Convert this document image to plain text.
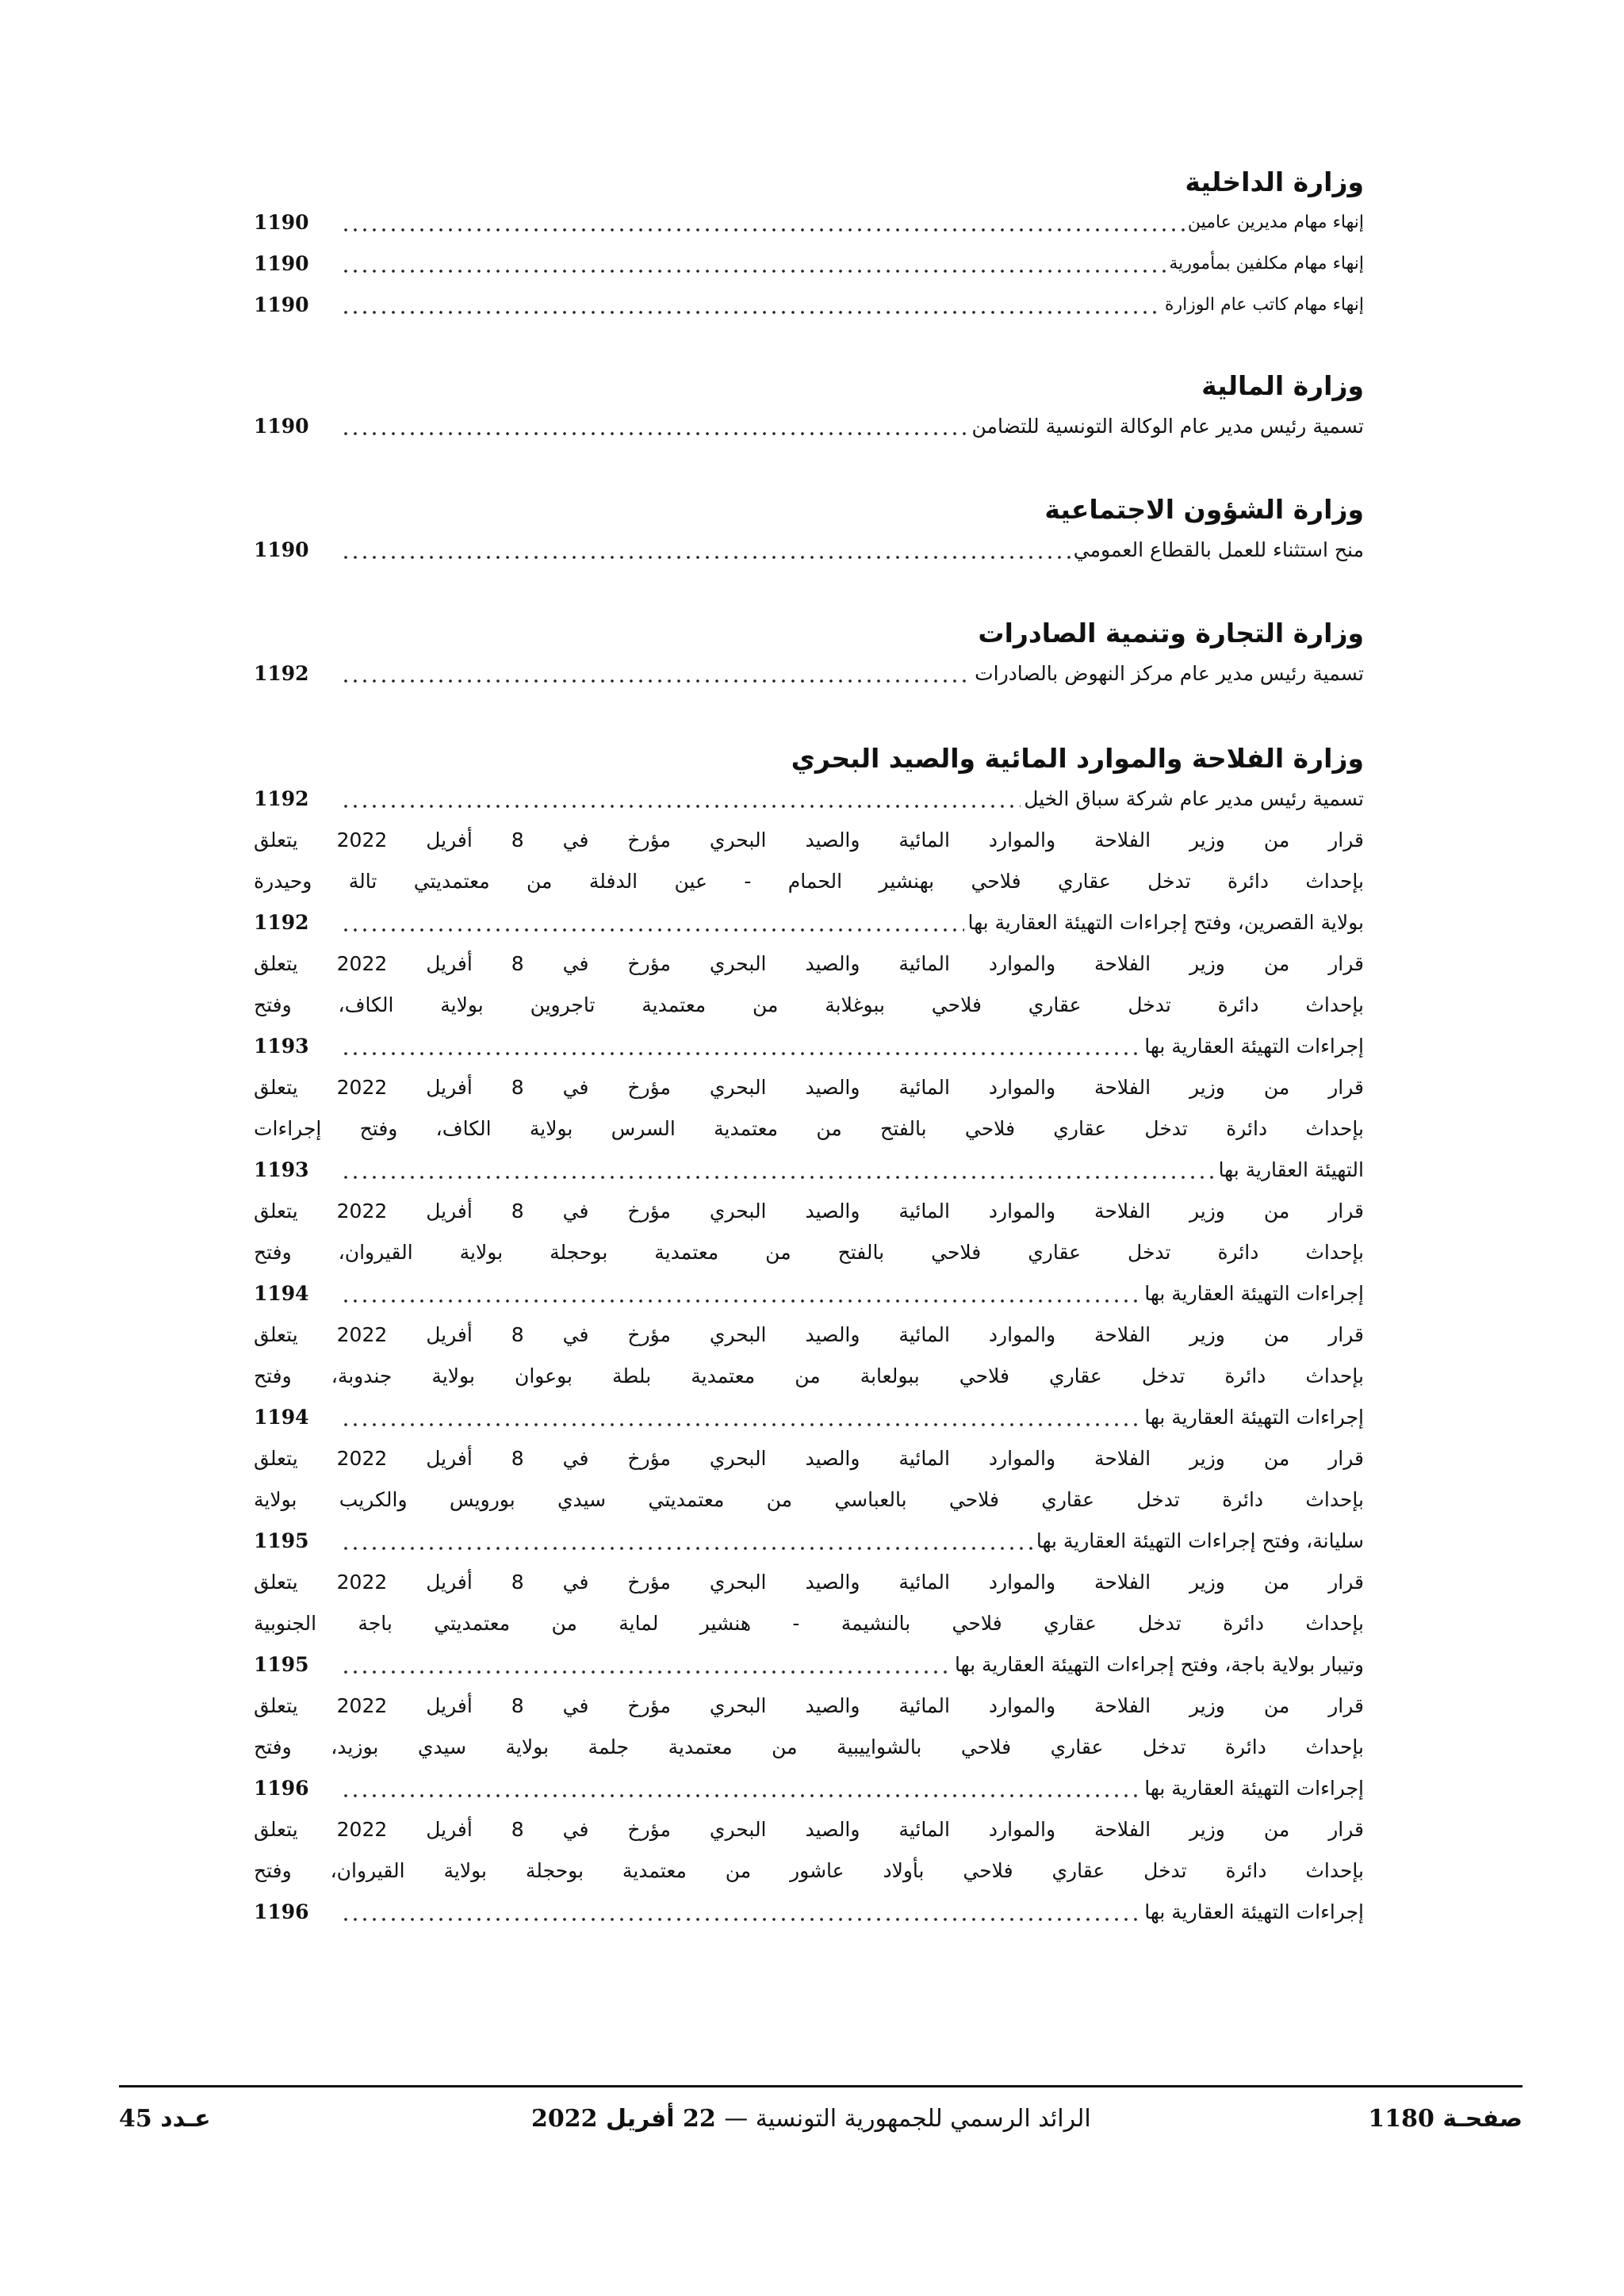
وزارة الداخلية
إنهاء مهام مديرين عامين
1190
إنهاء مهام مكلفين بمأمورية
1190
إنهاء مهام كاتب عام الوزارة
1190
وزارة المالية
تسمية رئيس مدير عام الوكالة التونسية للتضامن
1190
وزارة الشؤون الاجتماعية
منح استثناء للعمل بالقطاع العمومي
1190
وزارة التجارة وتنمية الصادرات
تسمية رئيس مدير عام مركز النهوض بالصادرات
1192
وزارة الفلاحة والموارد المائية والصيد البحري
تسمية رئيس مدير عام شركة سباق الخيل
1192
قرار من وزير الفلاحة والموارد المائية والصيد البحري مؤرخ في 8 أفريل 2022 يتعلق
بإحداث دائرة تدخل عقاري فلاحي بهنشير الحمام - عين الدفلة من معتمديتي تالة وحيدرة
بولاية القصرين، وفتح إجراءات التهيئة العقارية بها
1192
قرار من وزير الفلاحة والموارد المائية والصيد البحري مؤرخ في 8 أفريل 2022 يتعلق
بإحداث دائرة تدخل عقاري فلاحي ببوغلابة من معتمدية تاجروين بولاية الكاف، وفتح
إجراءات التهيئة العقارية بها
1193
قرار من وزير الفلاحة والموارد المائية والصيد البحري مؤرخ في 8 أفريل 2022 يتعلق
بإحداث دائرة تدخل عقاري فلاحي بالفتح من معتمدية السرس بولاية الكاف، وفتح إجراءات
التهيئة العقارية بها
1193
قرار من وزير الفلاحة والموارد المائية والصيد البحري مؤرخ في 8 أفريل 2022 يتعلق
بإحداث دائرة تدخل عقاري فلاحي بالفتح من معتمدية بوحجلة بولاية القيروان، وفتح
إجراءات التهيئة العقارية بها
1194
قرار من وزير الفلاحة والموارد المائية والصيد البحري مؤرخ في 8 أفريل 2022 يتعلق
بإحداث دائرة تدخل عقاري فلاحي ببولعابة من معتمدية بلطة بوعوان بولاية جندوبة، وفتح
إجراءات التهيئة العقارية بها
1194
قرار من وزير الفلاحة والموارد المائية والصيد البحري مؤرخ في 8 أفريل 2022 يتعلق
بإحداث دائرة تدخل عقاري فلاحي بالعباسي من معتمديتي سيدي بورويس والكريب بولاية
سليانة، وفتح إجراءات التهيئة العقارية بها
1195
قرار من وزير الفلاحة والموارد المائية والصيد البحري مؤرخ في 8 أفريل 2022 يتعلق
بإحداث دائرة تدخل عقاري فلاحي بالنشيمة - هنشير لماية من معتمديتي باجة الجنوبية
وتيبار بولاية باجة، وفتح إجراءات التهيئة العقارية بها
1195
قرار من وزير الفلاحة والموارد المائية والصيد البحري مؤرخ في 8 أفريل 2022 يتعلق
بإحداث دائرة تدخل عقاري فلاحي بالشواييبية من معتمدية جلمة بولاية سيدي بوزيد، وفتح
إجراءات التهيئة العقارية بها
1196
قرار من وزير الفلاحة والموارد المائية والصيد البحري مؤرخ في 8 أفريل 2022 يتعلق
بإحداث دائرة تدخل عقاري فلاحي بأولاد عاشور من معتمدية بوحجلة بولاية القيروان، وفتح
إجراءات التهيئة العقارية بها
1196
صفحـة 1180
الرائد الرسمي للجمهورية التونسية — 22 أفريل 2022
عـدد 45
